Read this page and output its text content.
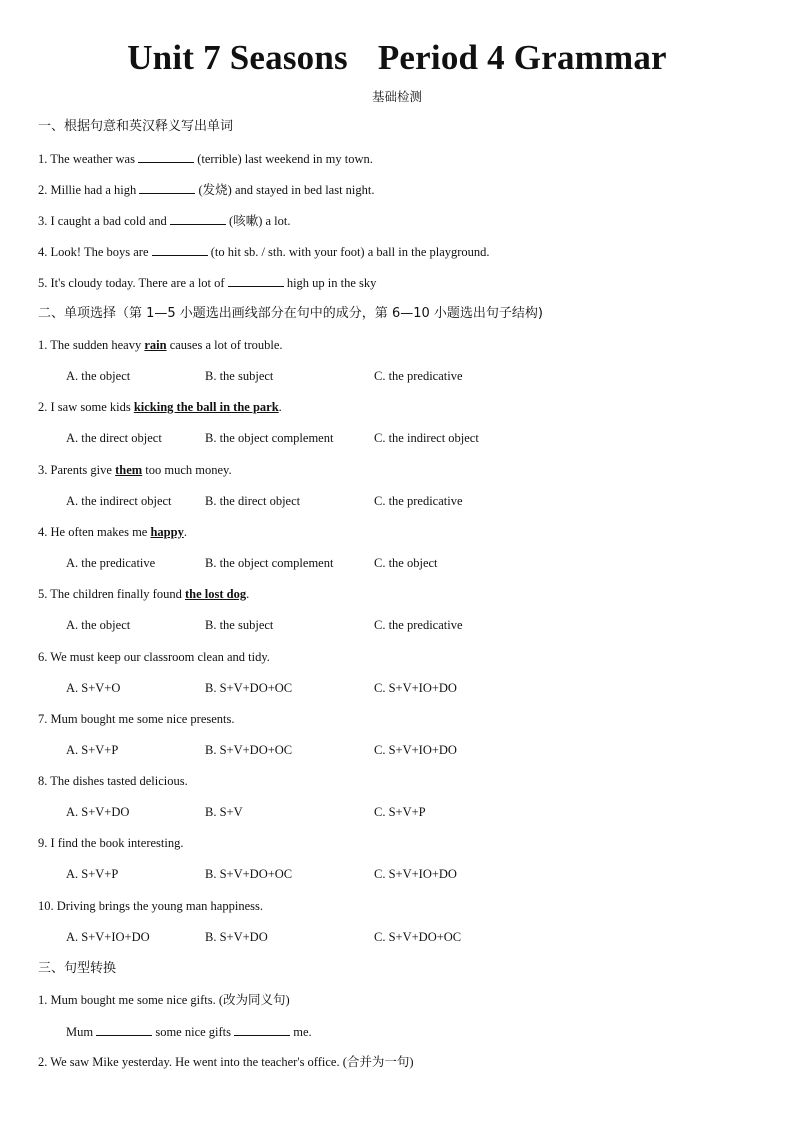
Unit 7 Seasons Period 4 Grammar
基础检测
一、根据句意和英汉释义写出单词
1. The weather was	(terrible) last weekend in my town.
2. Millie had a high	(发烧) and stayed in bed last night.
3. I caught a bad cold and	(咳嗽) a lot.
4. Look! The boys are	(to hit sb. / sth. with your foot) a ball in the playground.
5. It's cloudy today. There are a lot of	high up in the sky
二、单项选择（第 1—5 小题选出画线部分在句中的成分，第 6—10 小题选出句子结构)
1. The sudden heavy rain causes a lot of trouble.
A. the object	B. the subject	C. the predicative
2. I saw some kids kicking the ball in the park.
A. the direct object	B. the object complement	C. the indirect object
3. Parents give them too much money.
A. the indirect object	B. the direct object	C. the predicative
4. He often makes me happy.
A. the predicative	B. the object complement	C. the object
5. The children finally found the lost dog.
A. the object	B. the subject	C. the predicative
6. We must keep our classroom clean and tidy.
A. S+V+O	B. S+V+DO+OC	C. S+V+IO+DO
7. Mum bought me some nice presents.
A. S+V+P	B. S+V+DO+OC	C. S+V+IO+DO
8. The dishes tasted delicious.
A. S+V+DO	B. S+V	C. S+V+P
9. I find the book interesting.
A. S+V+P	B. S+V+DO+OC	C. S+V+IO+DO
10. Driving brings the young man happiness.
A. S+V+IO+DO	B. S+V+DO	C. S+V+DO+OC
三、句型转换
1. Mum bought me some nice gifts. (改为同义句)
Mum	some nice gifts	me.
2. We saw Mike yesterday. He went into the teacher's office. (合并为一句)
